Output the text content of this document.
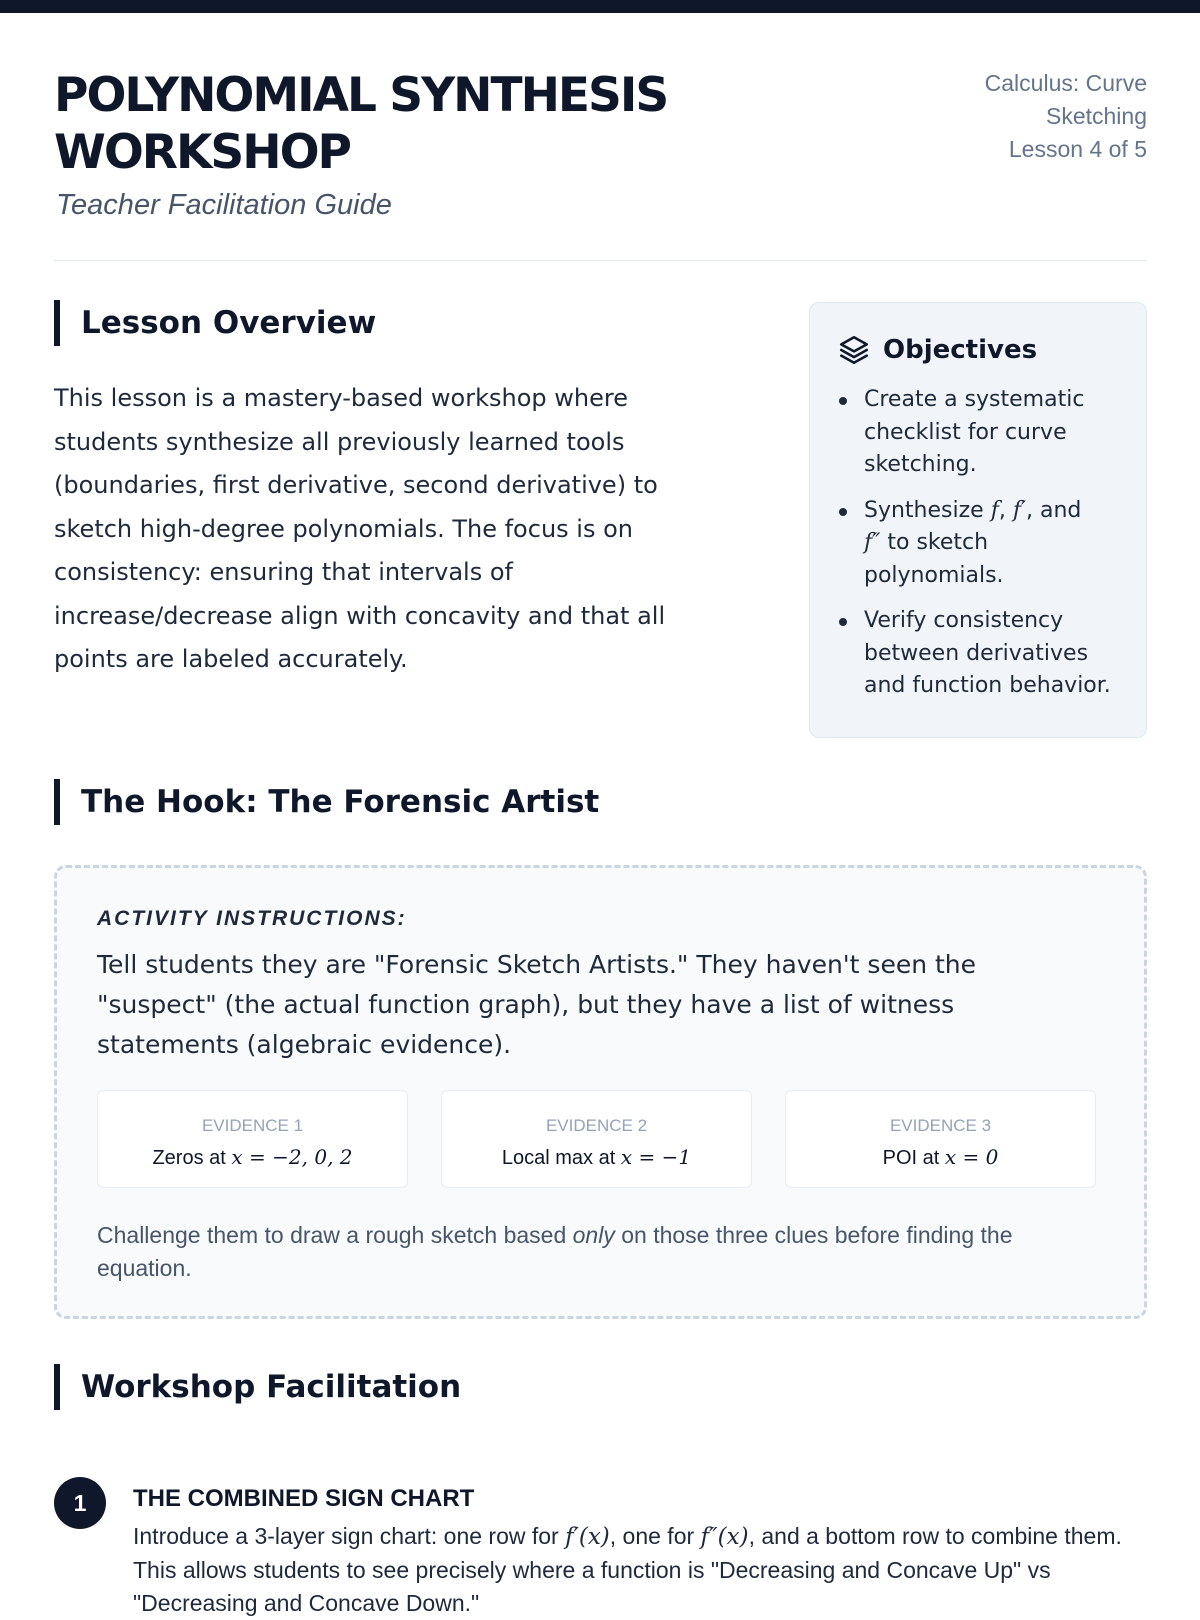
POLYNOMIAL SYNTHESIS WORKSHOP
Teacher Facilitation Guide
Calculus: Curve
Sketching
Lesson 4 of 5
Lesson Overview

This lesson is a mastery-based workshop where students synthesize all previously learned tools (boundaries, first derivative, second derivative) to sketch high-degree polynomials. The focus is on consistency: ensuring that intervals of increase/decrease align with concavity and that all points are labeled accurately.

Objectives
Create a systematic checklist for curve sketching.
Synthesize f, f′, and
f″ to sketch polynomials.
Verify consistency between derivatives and function behavior.
The Hook: The Forensic Artist
ACTIVITY INSTRUCTIONS:

Tell students they are "Forensic Sketch Artists." They haven't seen the "suspect" (the actual function graph), but they have a list of witness statements (algebraic evidence).

EVIDENCE 1
Zeros at x = −2, 0, 2
EVIDENCE 2
Local max at x = −1
EVIDENCE 3
POI at x = 0

Challenge them to draw a rough sketch based only on those three clues before finding the equation.

Workshop Facilitation
1	THE COMBINED SIGN CHART

Introduce a 3-layer sign chart: one row for f′(x), one for f″(x), and a bottom row to combine them. This allows students to see precisely where a function is "Decreasing and Concave Up" vs "Decreasing and Concave Down."
